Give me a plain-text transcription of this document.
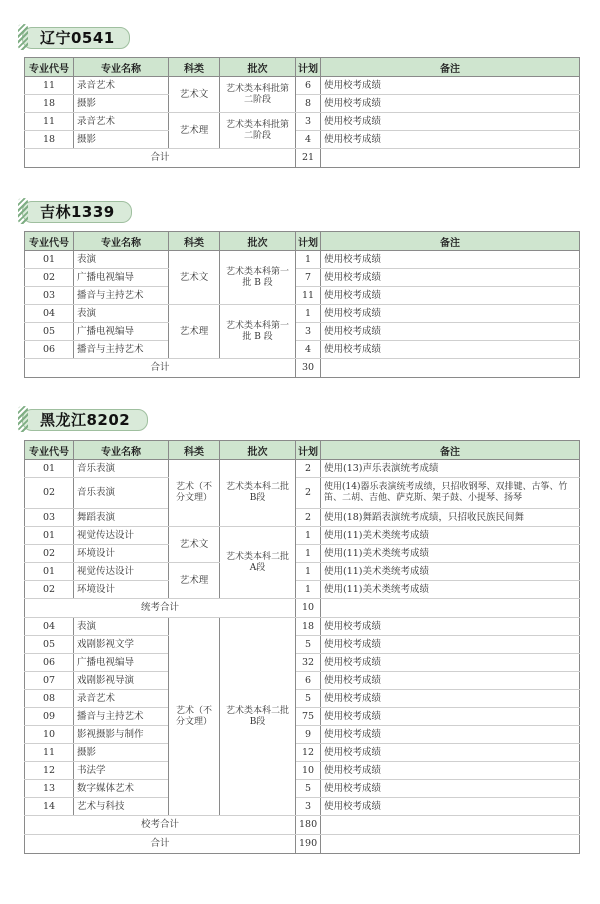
辽宁0541
专业代号	专业名称	科类	批次	计划	备注
11	录音艺术	艺术文	艺术类本科批第二阶段	6	使用校考成绩
18	摄影			8	使用校考成绩
11	录音艺术	艺术理	艺术类本科批第二阶段	3	使用校考成绩
18	摄影			4	使用校考成绩
合计				21	
吉林1339
专业代号	专业名称	科类	批次	计划	备注
01	表演	艺术文	艺术类本科第一批 B 段	1	使用校考成绩
02	广播电视编导			7	使用校考成绩
03	播音与主持艺术			11	使用校考成绩
04	表演	艺术理	艺术类本科第一批 B 段	1	使用校考成绩
05	广播电视编导			3	使用校考成绩
06	播音与主持艺术			4	使用校考成绩
合计				30	
黑龙江8202
专业代号	专业名称	科类	批次	计划	备注
01	音乐表演	艺术（不分文理）	艺术类本科二批B段	2	使用(13)声乐表演统考成绩
02	音乐表演			2	使用(14)器乐表演统考成绩，只招收钢琴、双排键、古筝、竹笛、二胡、吉他、萨克斯、架子鼓、小提琴、扬琴
03	舞蹈表演			2	使用(18)舞蹈表演统考成绩，只招收民族民间舞
01	视觉传达设计	艺术文	艺术类本科二批A段	1	使用(11)美术类统考成绩
02	环境设计			1	使用(11)美术类统考成绩
01	视觉传达设计	艺术理		1	使用(11)美术类统考成绩
02	环境设计			1	使用(11)美术类统考成绩
统考合计				10	
04	表演	艺术（不分文理）	艺术类本科二批B段	18	使用校考成绩
05	戏剧影视文学			5	使用校考成绩
06	广播电视编导			32	使用校考成绩
07	戏剧影视导演			6	使用校考成绩
08	录音艺术			5	使用校考成绩
09	播音与主持艺术			75	使用校考成绩
10	影视摄影与制作			9	使用校考成绩
11	摄影			12	使用校考成绩
12	书法学			10	使用校考成绩
13	数字媒体艺术			5	使用校考成绩
14	艺术与科技			3	使用校考成绩
校考合计				180	
合计				190	
